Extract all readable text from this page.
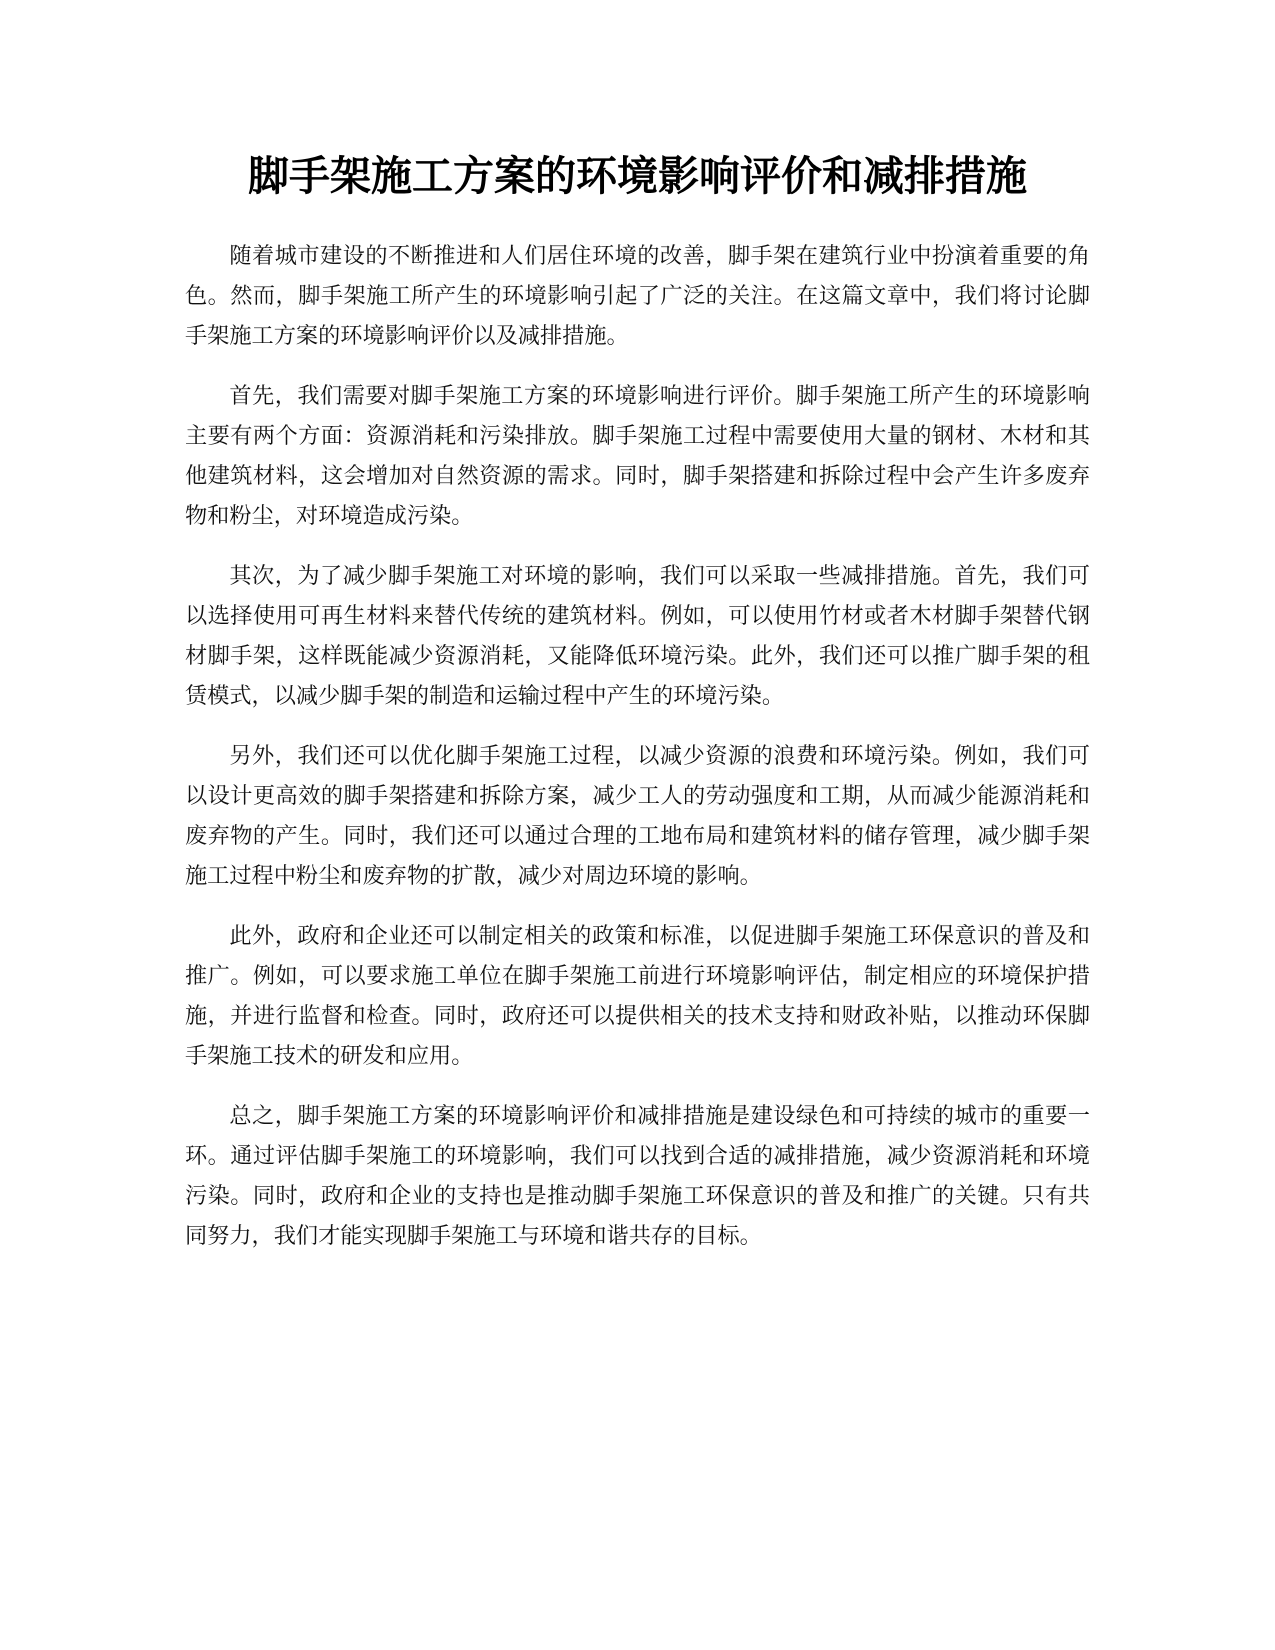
脚手架施工方案的环境影响评价和减排措施

随着城市建设的不断推进和人们居住环境的改善，脚手架在建筑行业中扮演着重要的角色。然而，脚手架施工所产生的环境影响引起了广泛的关注。在这篇文章中，我们将讨论脚手架施工方案的环境影响评价以及减排措施。

首先，我们需要对脚手架施工方案的环境影响进行评价。脚手架施工所产生的环境影响主要有两个方面：资源消耗和污染排放。脚手架施工过程中需要使用大量的钢材、木材和其他建筑材料，这会增加对自然资源的需求。同时，脚手架搭建和拆除过程中会产生许多废弃物和粉尘，对环境造成污染。

其次，为了减少脚手架施工对环境的影响，我们可以采取一些减排措施。首先，我们可以选择使用可再生材料来替代传统的建筑材料。例如，可以使用竹材或者木材脚手架替代钢材脚手架，这样既能减少资源消耗，又能降低环境污染。此外，我们还可以推广脚手架的租赁模式，以减少脚手架的制造和运输过程中产生的环境污染。

另外，我们还可以优化脚手架施工过程，以减少资源的浪费和环境污染。例如，我们可以设计更高效的脚手架搭建和拆除方案，减少工人的劳动强度和工期，从而减少能源消耗和废弃物的产生。同时，我们还可以通过合理的工地布局和建筑材料的储存管理，减少脚手架施工过程中粉尘和废弃物的扩散，减少对周边环境的影响。

此外，政府和企业还可以制定相关的政策和标准，以促进脚手架施工环保意识的普及和推广。例如，可以要求施工单位在脚手架施工前进行环境影响评估，制定相应的环境保护措施，并进行监督和检查。同时，政府还可以提供相关的技术支持和财政补贴，以推动环保脚手架施工技术的研发和应用。

总之，脚手架施工方案的环境影响评价和减排措施是建设绿色和可持续的城市的重要一环。通过评估脚手架施工的环境影响，我们可以找到合适的减排措施，减少资源消耗和环境污染。同时，政府和企业的支持也是推动脚手架施工环保意识的普及和推广的关键。只有共同努力，我们才能实现脚手架施工与环境和谐共存的目标。
